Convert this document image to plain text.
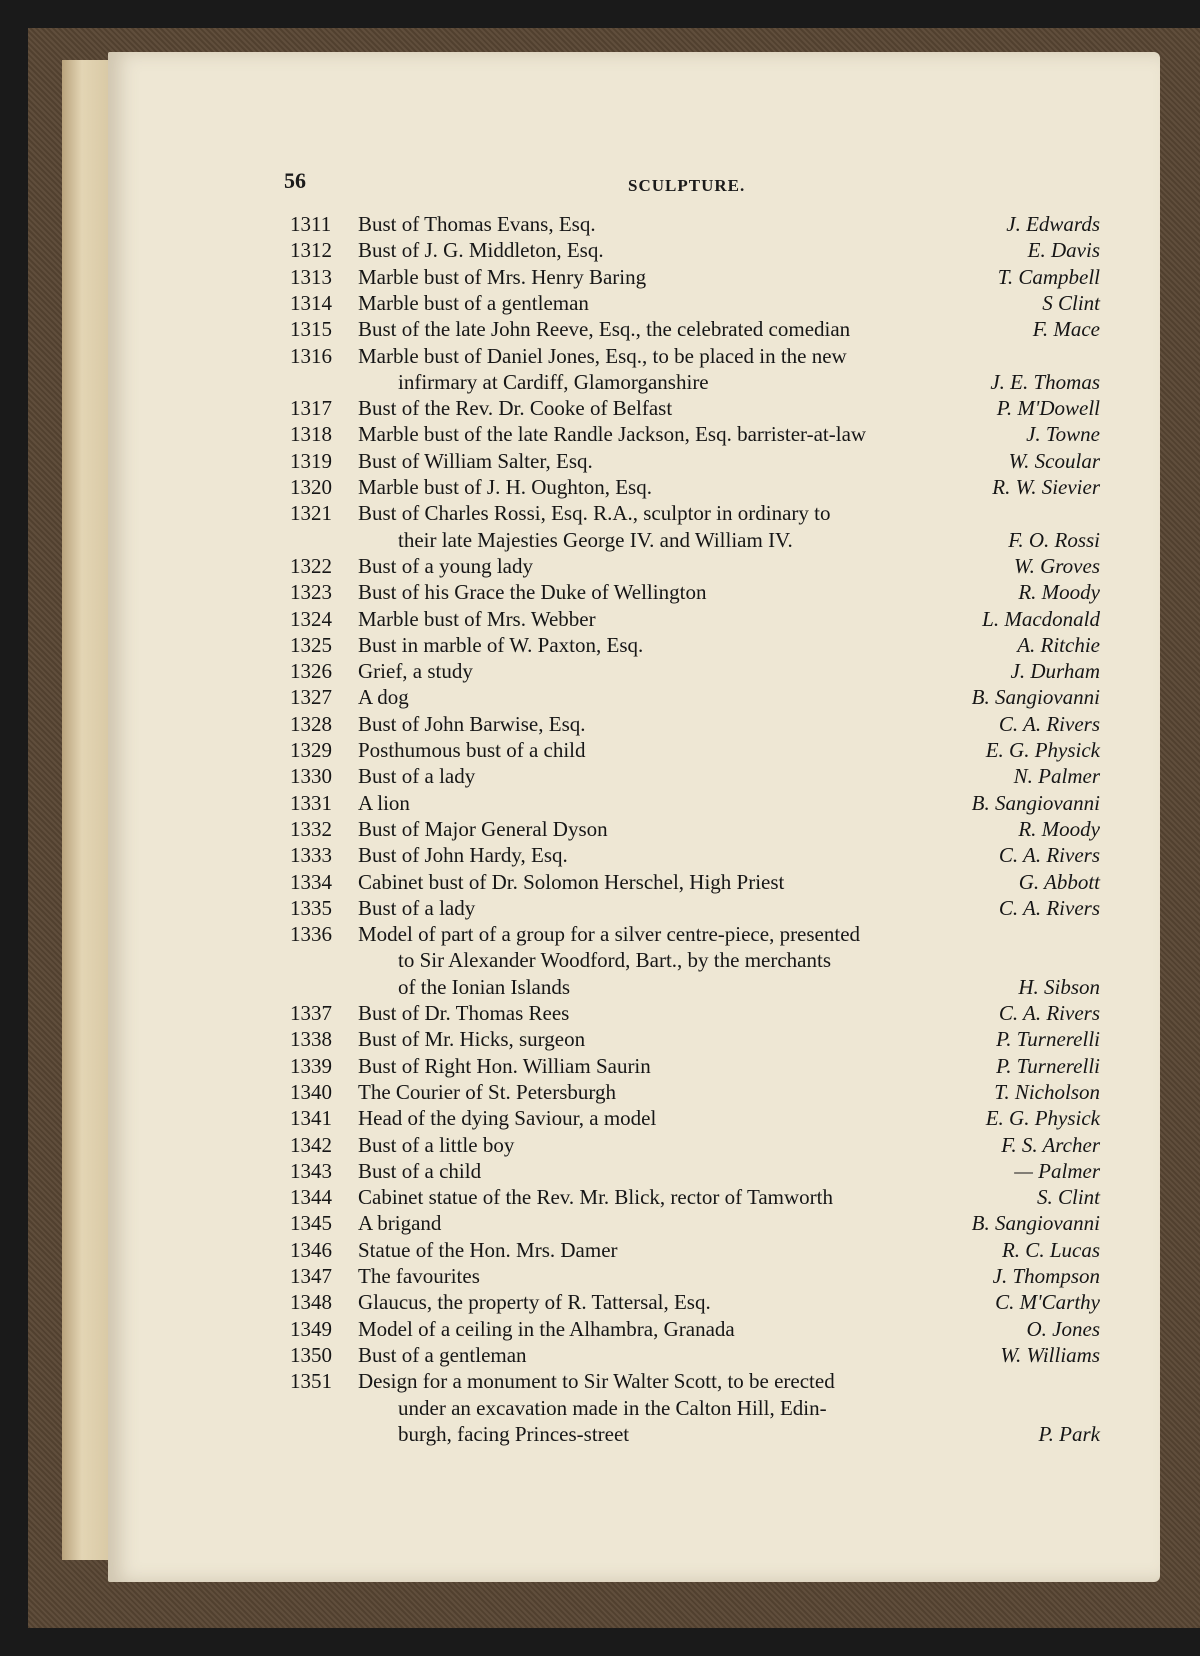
56	SCULPTURE.
1311 Bust of Thomas Evans, Esq.	J. Edwards
1312 Bust of J. G. Middleton, Esq.	E. Davis
1313 Marble bust of Mrs. Henry Baring	T. Campbell
1314 Marble bust of a gentleman	S Clint
1315 Bust of the late John Reeve, Esq., the celebrated comedian	F. Mace
1316 Marble bust of Daniel Jones, Esq., to be placed in the new
infirmary at Cardiff, Glamorganshire	J. E. Thomas
1317 Bust of the Rev. Dr. Cooke of Belfast	P. M'Dowell
1318 Marble bust of the late Randle Jackson, Esq. barrister-at-law	J. Towne
1319 Bust of William Salter, Esq.	W. Scoular
1320 Marble bust of J. H. Oughton, Esq.	R. W. Sievier
1321 Bust of Charles Rossi, Esq. R.A., sculptor in ordinary to
their late Majesties George IV. and William IV.	F. O. Rossi
1322 Bust of a young lady	W. Groves
1323 Bust of his Grace the Duke of Wellington	R. Moody
1324 Marble bust of Mrs. Webber	L. Macdonald
1325 Bust in marble of W. Paxton, Esq.	A. Ritchie
1326 Grief, a study	J. Durham
1327 A dog	B. Sangiovanni
1328 Bust of John Barwise, Esq.	C. A. Rivers
1329 Posthumous bust of a child	E. G. Physick
1330 Bust of a lady	N. Palmer
1331 A lion	B. Sangiovanni
1332 Bust of Major General Dyson	R. Moody
1333 Bust of John Hardy, Esq.	C. A. Rivers
1334 Cabinet bust of Dr. Solomon Herschel, High Priest	G. Abbott
1335 Bust of a lady	C. A. Rivers
1336 Model of part of a group for a silver centre-piece, presented
to Sir Alexander Woodford, Bart., by the merchants
of the Ionian Islands	H. Sibson
1337 Bust of Dr. Thomas Rees	C. A. Rivers
1338 Bust of Mr. Hicks, surgeon	P. Turnerelli
1339 Bust of Right Hon. William Saurin	P. Turnerelli
1340 The Courier of St. Petersburgh	T. Nicholson
1341 Head of the dying Saviour, a model	E. G. Physick
1342 Bust of a little boy	F. S. Archer
1343 Bust of a child	— Palmer
1344 Cabinet statue of the Rev. Mr. Blick, rector of Tamworth	S. Clint
1345 A brigand	B. Sangiovanni
1346 Statue of the Hon. Mrs. Damer	R. C. Lucas
1347 The favourites	J. Thompson
1348 Glaucus, the property of R. Tattersal, Esq.	C. M'Carthy
1349 Model of a ceiling in the Alhambra, Granada	O. Jones
1350 Bust of a gentleman	W. Williams
1351 Design for a monument to Sir Walter Scott, to be erected
under an excavation made in the Calton Hill, Edin-
burgh, facing Princes-street	P. Park
